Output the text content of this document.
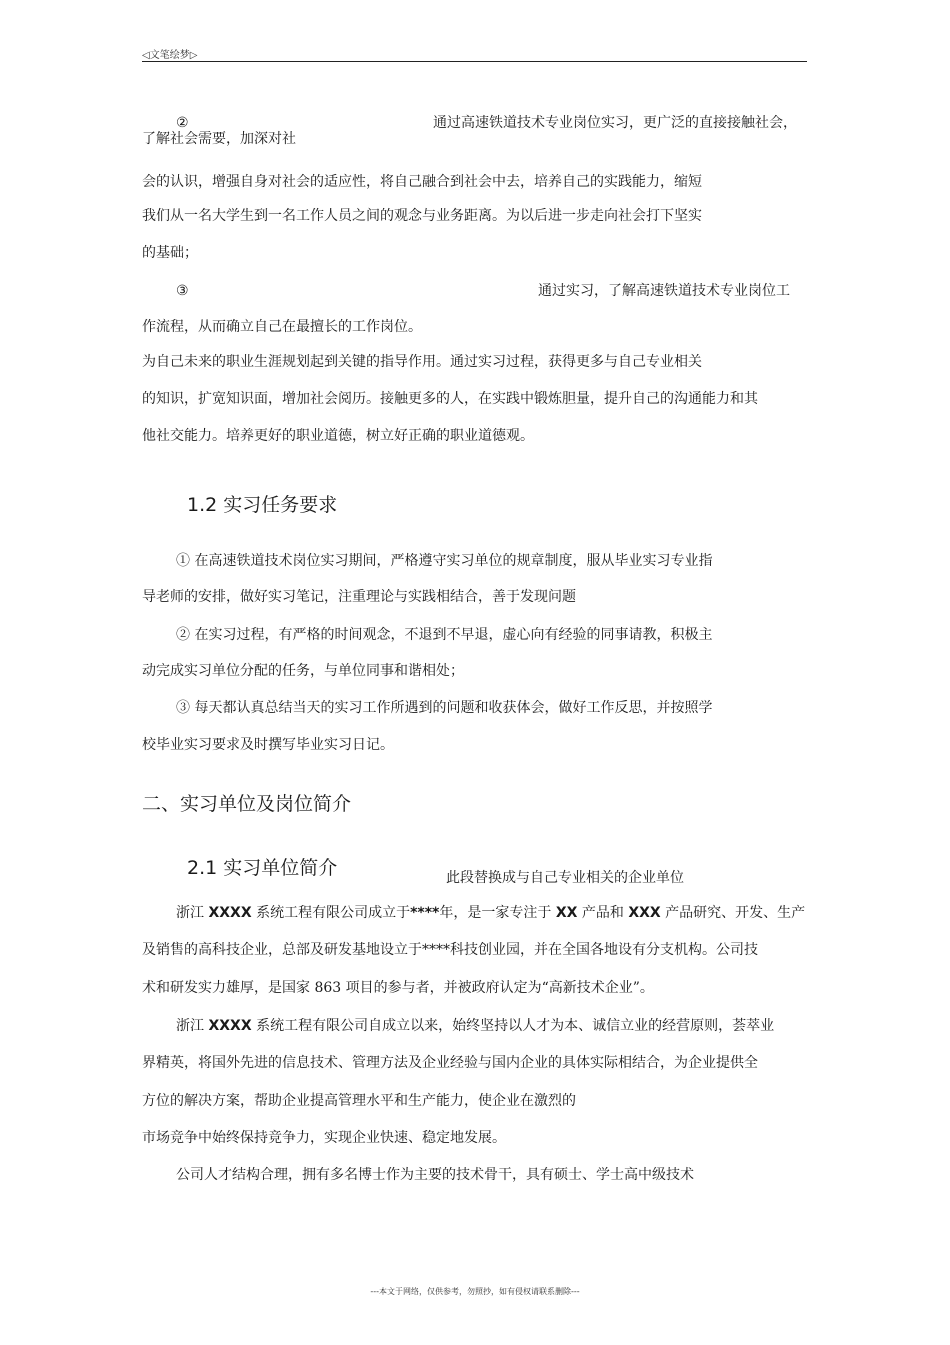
◁文笔绘梦▷
②	通过高速铁道技术专业岗位实习，更广泛的直接接触社会，
了解社会需要，加深对社
会的认识，增强自身对社会的适应性，将自己融合到社会中去，培养自己的实践能力，缩短
我们从一名大学生到一名工作人员之间的观念与业务距离。为以后进一步走向社会打下坚实
的基础；
③	通过实习，了解高速铁道技术专业岗位工
作流程，从而确立自己在最擅长的工作岗位。
为自己未来的职业生涯规划起到关键的指导作用。通过实习过程，获得更多与自己专业相关
的知识，扩宽知识面，增加社会阅历。接触更多的人，在实践中锻炼胆量，提升自己的沟通能力和其
他社交能力。培养更好的职业道德，树立好正确的职业道德观。
1.2 实习任务要求
① 在高速铁道技术岗位实习期间，严格遵守实习单位的规章制度，服从毕业实习专业指
导老师的安排，做好实习笔记，注重理论与实践相结合，善于发现问题
② 在实习过程，有严格的时间观念，不退到不早退，虚心向有经验的同事请教，积极主
动完成实习单位分配的任务，与单位同事和谐相处；
③ 每天都认真总结当天的实习工作所遇到的问题和收获体会，做好工作反思，并按照学
校毕业实习要求及时撰写毕业实习日记。
二、实习单位及岗位简介
2.1 实习单位简介	此段替换成与自己专业相关的企业单位
浙江 XXXX 系统工程有限公司成立于****年，是一家专注于 XX 产品和 XXX 产品研究、开发、生产
及销售的高科技企业，总部及研发基地设立于****科技创业园，并在全国各地设有分支机构。公司技
术和研发实力雄厚，是国家 863 项目的参与者，并被政府认定为“高新技术企业”。
浙江 XXXX 系统工程有限公司自成立以来，始终坚持以人才为本、诚信立业的经营原则，荟萃业
界精英，将国外先进的信息技术、管理方法及企业经验与国内企业的具体实际相结合，为企业提供全
方位的解决方案，帮助企业提高管理水平和生产能力，使企业在激烈的
市场竞争中始终保持竞争力，实现企业快速、稳定地发展。
公司人才结构合理，拥有多名博士作为主要的技术骨干，具有硕士、学士高中级技术
---本文于网络，仅供参考，勿照抄，如有侵权请联系删除---
